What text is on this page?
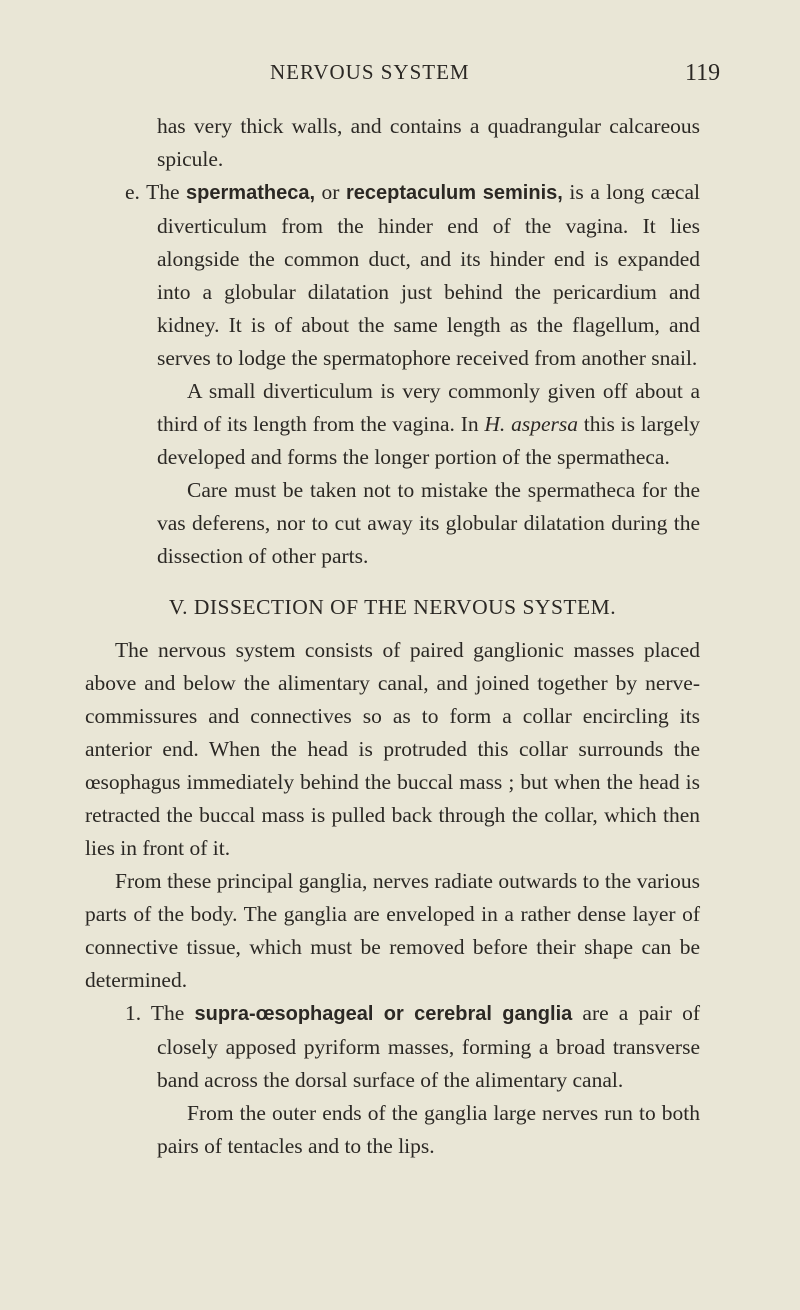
NERVOUS SYSTEM	119

has very thick walls, and contains a quadrangular calcareous spicule.

e. The spermatheca, or receptaculum seminis, is a long cæcal diverticulum from the hinder end of the vagina. It lies alongside the common duct, and its hinder end is expanded into a globular dilatation just behind the pericardium and kidney. It is of about the same length as the flagellum, and serves to lodge the spermatophore received from another snail.

A small diverticulum is very commonly given off about a third of its length from the vagina. In H. aspersa this is largely developed and forms the longer portion of the spermatheca.

Care must be taken not to mistake the spermatheca for the vas deferens, nor to cut away its globular dilatation during the dissection of other parts.

V. DISSECTION OF THE NERVOUS SYSTEM.

The nervous system consists of paired ganglionic masses placed above and below the alimentary canal, and joined together by nerve-commissures and connectives so as to form a collar encircling its anterior end. When the head is protruded this collar surrounds the œsophagus immediately behind the buccal mass ; but when the head is retracted the buccal mass is pulled back through the collar, which then lies in front of it.

From these principal ganglia, nerves radiate outwards to the various parts of the body. The ganglia are enveloped in a rather dense layer of connective tissue, which must be removed before their shape can be determined.

1. The supra-œsophageal or cerebral ganglia are a pair of closely apposed pyriform masses, forming a broad transverse band across the dorsal surface of the alimentary canal.

From the outer ends of the ganglia large nerves run to both pairs of tentacles and to the lips.
